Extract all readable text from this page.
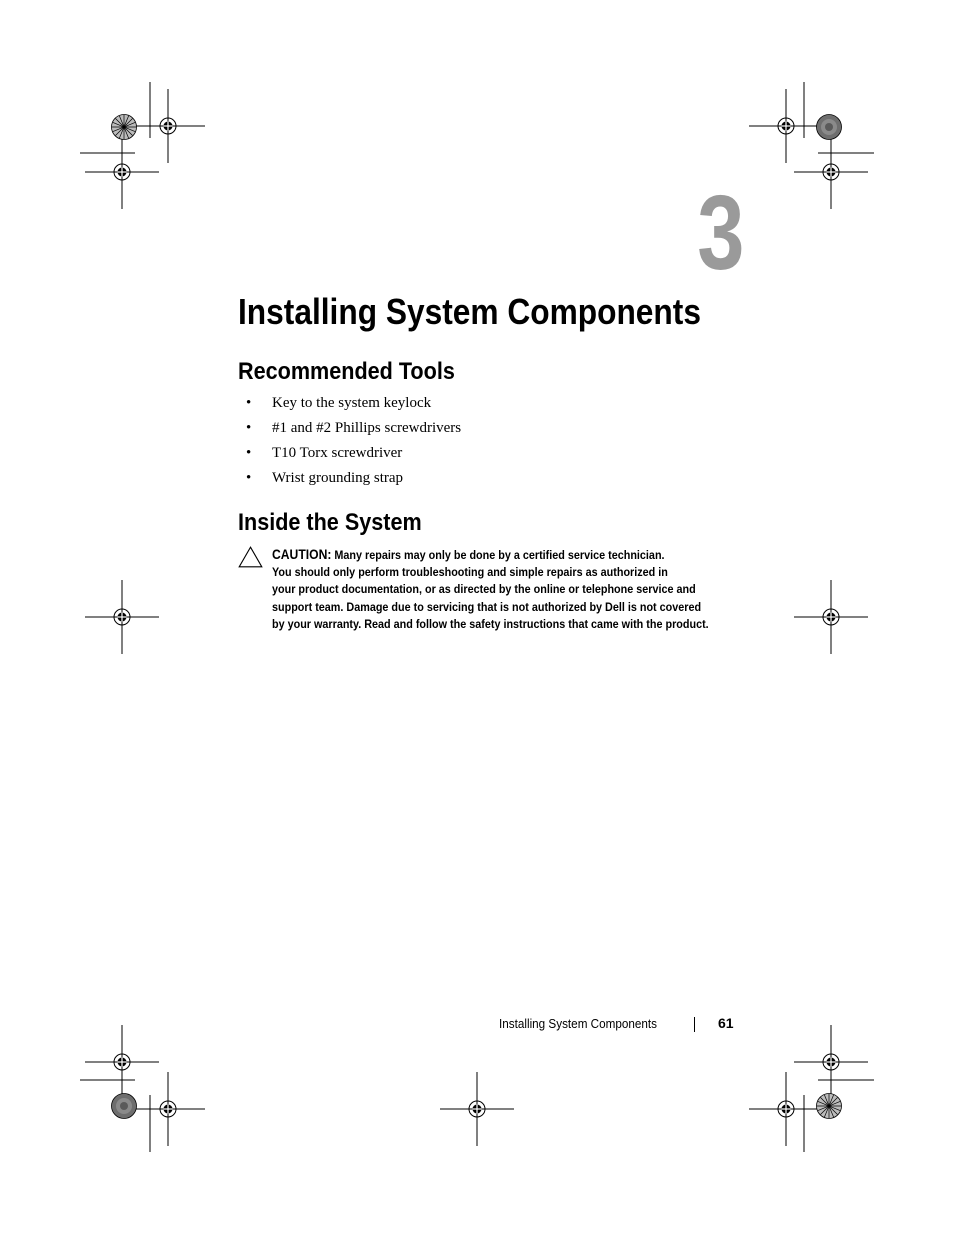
3
Installing System Components
Recommended Tools
•	Key to the system keylock
•	#1 and #2 Phillips screwdrivers
•	T10 Torx screwdriver
•	Wrist grounding strap
Inside the System
CAUTION: Many repairs may only be done by a certified service technician.
You should only perform troubleshooting and simple repairs as authorized in
your product documentation, or as directed by the online or telephone service and
support team. Damage due to servicing that is not authorized by Dell is not covered
by your warranty. Read and follow the safety instructions that came with the product.
Installing System Components	61
